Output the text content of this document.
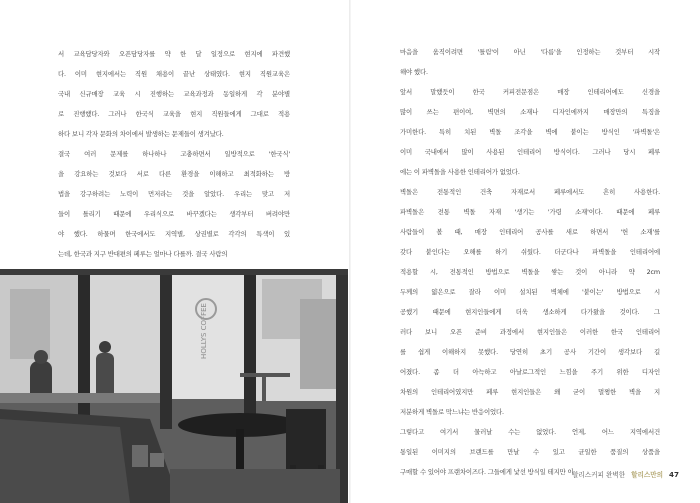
서 교육담당자와 오픈담당자를 약 한 달 일정으로 현지에 파견했
다. 이미 현지에서는 직원 채용이 끝난 상태였다. 현지 직원교육은
국내 신규매장 교육 시 진행하는 교육과정과 동일하게 각 분야별
로 진행했다. 그러나 한국식 교육을 현지 직원들에게 그대로 적용
하다 보니 각자 문화의 차이에서 발생하는 문제들이 생겨났다.
결국 여러 문제를 하나하나 고충하면서 일방적으로 '한국식'
을 강요하는 것보다 서로 다른 환경을 이해하고 최적화하는 방
법을 강구하려는 노력이 먼저라는 것을 알았다. 우리는 맞고 저
들이 틀리기 때문에 우리식으로 바꾸겠다는 생각부터 버려야만
야 했다. 하물며 한국에서도 지역별, 상권별로 각각의 특색이 있
는데, 한국과 지구 반대편의 페루는 얼마나 다를까. 결국 사람의
HOLLYS COFFEE
마음을 움직이려면 '틀림'이 아닌 '다름'을 인정하는 것부터 시작
해야 했다.
앞서 말했듯이 한국 커피전문점은 매장 인테리어에도 신경을
많이 쓰는 편이여, 벽면의 소재나 디자인에까지 매장만의 특징을
가미한다. 특히 치된 벽돌 조각을 벽에 붙이는 방식인 '파벽돌'은
이미 국내에서 많이 사용된 인테리어 방식이다. 그러나 당시 페루
에는 이 파벽돌을 사용한 인테리어가 없었다.
벽돌은 전통적인 건축 자재로서 페루에서도 흔히 사용한다.
파벽돌은 전통 벽돌 자재 '생기는 '가령 소재'이다. 때문에 페루
사람들이 볼 때, 매장 인테리어 공사를 새로 하면서 '헌 소재'를
갖다 붙인다는 오해를 하기 쉬웠다. 더군다나 파벽돌을 인테리어에
적용할 시, 전통적인 방법으로 벽돌을 쌓는 것이 아니라 약 2cm
두께의 얇은으로 잘라 이미 설치된 벽체에 '붙이는' 방법으로 시
공했기 때문에 현지인들에게 더욱 생소하게 다가왔을 것이다. 그
러다 보니 오픈 준비 과정에서 현지인들은 이러한 한국 인테리어
를 쉽게 이해하지 못했다. 당연히 초기 공사 기간이 생각보다 길
어졌다. 좀 더 아늑하고 아날로그적인 느낌을 주기 위한 디자인
차원의 인테리어였지만 페루 현지인들은 왜 굳이 멀쩡한 벽을 지
저분하게 벽돌로 막느냐는 반응이었다.
그렇다고 여기서 물러날 수는 없었다. 언제, 어느 지역에서건
통일된 이미지의 브랜드를 만날 수 있고 균일한 품질의 상품을
구매할 수 있어야 프랜차이즈다. 그들에게 낯선 방식일 테지만 이
할리스커피 완벽한 할리스만의 47
